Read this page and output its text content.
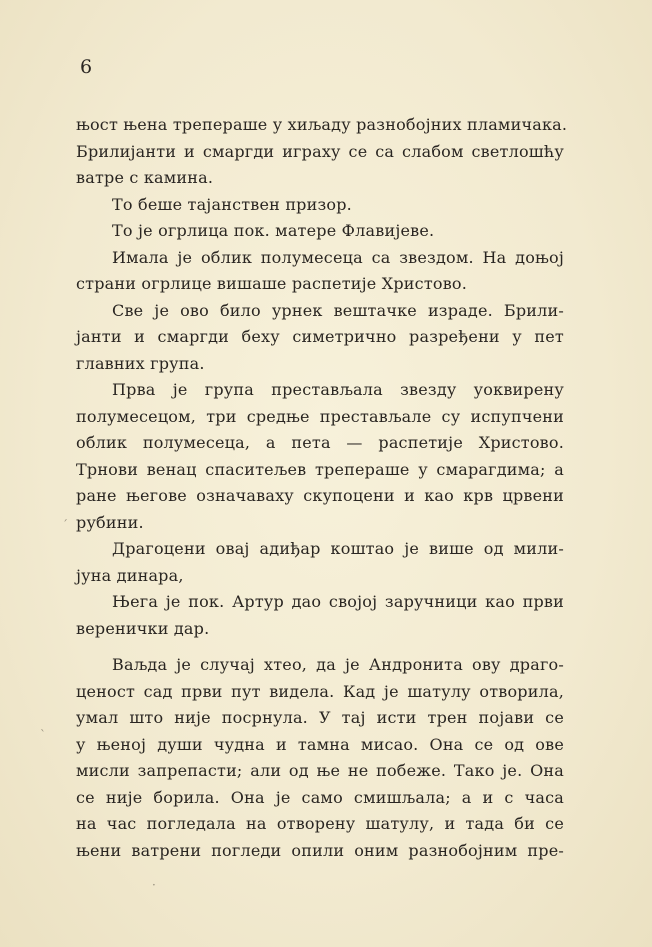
6
њост њена трепераше у хиљаду разнобојних пламичака.
Брилијанти и смаргди играху се са слабом светлошћу
ватре с камина.
То беше тајанствен призор.
То је огрлица пок. матере Флавијеве.
Имала је облик полумесеца са звездом. На доњој
страни огрлице вишаше распетије Христово.
Све је ово било урнек вештачке израде. Брили-
јанти и смаргди беху симетрично разређени у пет
главних група.
Прва је група престављала звезду уоквирену
полумесецом, три средње престављале су испупчени
облик полумесеца, а пета — распетије Христово.
Трнови венац спаситељев трепераше у смарагдима; а
ране његове означаваху скупоцени и као крв црвени
рубини.
Драгоцени овај адиђар коштао је више од мили-
јуна динара,
Њега је пок. Артур дао својој заручници као први
веренички дар.
Ваљда је случај хтео, да је Андронита ову драго-
ценост сад први пут видела. Кад је шатулу отворила,
умал што није посрнула. У тај исти трен појави се
у њеној души чудна и тамна мисао. Она се од ове
мисли запрепасти; али од ње не побеже. Тако је. Она
се није борила. Она је само смишљала; а и с часа
на час погледала на отворену шатулу, и тада би се
њени ватрени погледи опили оним разнобојним пре-
ˊ
ˋ
·
